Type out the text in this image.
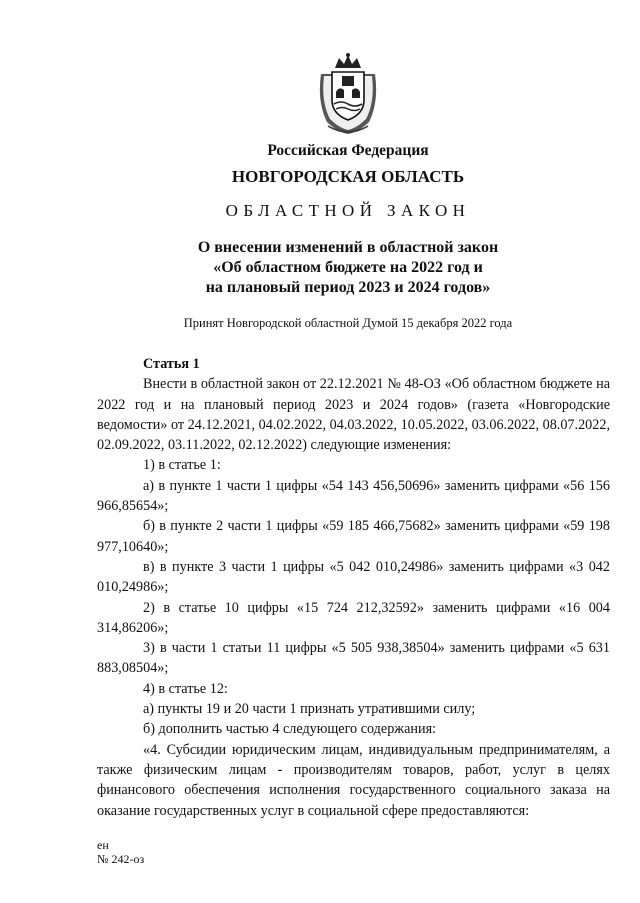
Российская Федерация
НОВГОРОДСКАЯ ОБЛАСТЬ
ОБЛАСТНОЙ ЗАКОН
О внесении изменений в областной закон
«Об областном бюджете на 2022 год и
на плановый период 2023 и 2024 годов»
Принят Новгородской областной Думой 15 декабря 2022 года

Статья 1

Внести в областной закон от 22.12.2021 № 48-ОЗ «Об областном бюджете на 2022 год и на плановый период 2023 и 2024 годов» (газета «Новгородские ведомости» от 24.12.2021, 04.02.2022, 04.03.2022, 10.05.2022, 03.06.2022, 08.07.2022, 02.09.2022, 03.11.2022, 02.12.2022) следующие изменения:

1) в статье 1:

а) в пункте 1 части 1 цифры «54 143 456,50696» заменить цифрами «56 156 966,85654»;

б) в пункте 2 части 1 цифры «59 185 466,75682» заменить цифрами «59 198 977,10640»;

в) в пункте 3 части 1 цифры «5 042 010,24986» заменить цифрами «3 042 010,24986»;

2) в статье 10 цифры «15 724 212,32592» заменить цифрами «16 004 314,86206»;

3) в части 1 статьи 11 цифры «5 505 938,38504» заменить цифрами «5 631 883,08504»;

4) в статье 12:

а) пункты 19 и 20 части 1 признать утратившими силу;

б) дополнить частью 4 следующего содержания:

«4. Субсидии юридическим лицам, индивидуальным предпринимателям, а также физическим лицам - производителям товаров, работ, услуг в целях финансового обеспечения исполнения государственного социального заказа на оказание государственных услуг в социальной сфере предоставляются:

ен
№ 242-оз
